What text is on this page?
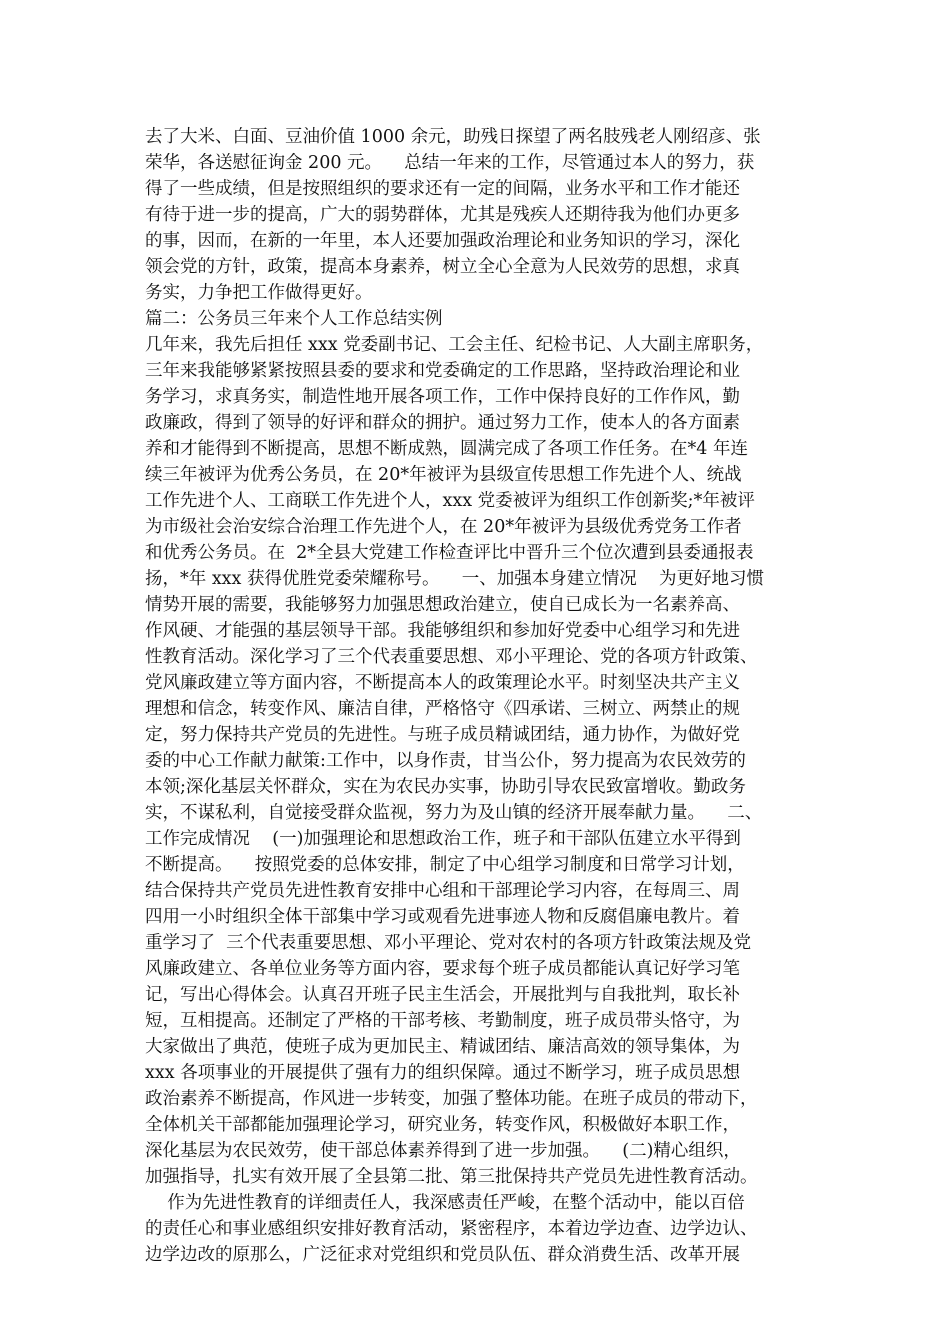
去了大米、白面、豆油价值 1000 余元，助残日探望了两名肢残老人刚绍彦、张
荣华，各送慰征询金 200 元。    总结一年来的工作，尽管通过本人的努力，获
得了一些成绩，但是按照组织的要求还有一定的间隔，业务水平和工作才能还
有待于进一步的提高，广大的弱势群体，尤其是残疾人还期待我为他们办更多
的事，因而，在新的一年里，本人还要加强政治理论和业务知识的学习，深化
领会党的方针，政策，提高本身素养，树立全心全意为人民效劳的思想，求真
务实，力争把工作做得更好。
篇二：公务员三年来个人工作总结实例
几年来，我先后担任 xxx 党委副书记、工会主任、纪检书记、人大副主席职务，
三年来我能够紧紧按照县委的要求和党委确定的工作思路，坚持政治理论和业
务学习，求真务实，制造性地开展各项工作，工作中保持良好的工作作风，勤
政廉政，得到了领导的好评和群众的拥护。通过努力工作，使本人的各方面素
养和才能得到不断提高，思想不断成熟，圆满完成了各项工作任务。在*4 年连
续三年被评为优秀公务员，在 20*年被评为县级宣传思想工作先进个人、统战
工作先进个人、工商联工作先进个人，xxx 党委被评为组织工作创新奖;*年被评
为市级社会治安综合治理工作先进个人，在 20*年被评为县级优秀党务工作者
和优秀公务员。在  2*全县大党建工作检查评比中晋升三个位次遭到县委通报表
扬，*年 xxx 获得优胜党委荣耀称号。    一、加强本身建立情况    为更好地习惯
情势开展的需要，我能够努力加强思想政治建立，使自已成长为一名素养高、
作风硬、才能强的基层领导干部。我能够组织和参加好党委中心组学习和先进
性教育活动。深化学习了三个代表重要思想、邓小平理论、党的各项方针政策、
党风廉政建立等方面内容，不断提高本人的政策理论水平。时刻坚决共产主义
理想和信念，转变作风、廉洁自律，严格恪守《四承诺、三树立、两禁止的规
定，努力保持共产党员的先进性。与班子成员精诚团结，通力协作，为做好党
委的中心工作献力献策:工作中，以身作责，甘当公仆，努力提高为农民效劳的
本领;深化基层关怀群众，实在为农民办实事，协助引导农民致富增收。勤政务
实，不谋私利，自觉接受群众监视，努力为及山镇的经济开展奉献力量。    二、
工作完成情况    (一)加强理论和思想政治工作，班子和干部队伍建立水平得到
不断提高。    按照党委的总体安排，制定了中心组学习制度和日常学习计划，
结合保持共产党员先进性教育安排中心组和干部理论学习内容，在每周三、周
四用一小时组织全体干部集中学习或观看先进事迹人物和反腐倡廉电教片。着
重学习了  三个代表重要思想、邓小平理论、党对农村的各项方针政策法规及党
风廉政建立、各单位业务等方面内容，要求每个班子成员都能认真记好学习笔
记，写出心得体会。认真召开班子民主生活会，开展批判与自我批判，取长补
短，互相提高。还制定了严格的干部考核、考勤制度，班子成员带头恪守，为
大家做出了典范，使班子成为更加民主、精诚团结、廉洁高效的领导集体，为
xxx 各项事业的开展提供了强有力的组织保障。通过不断学习，班子成员思想
政治素养不断提高，作风进一步转变，加强了整体功能。在班子成员的带动下，
全体机关干部都能加强理论学习，研究业务，转变作风，积极做好本职工作，
深化基层为农民效劳，使干部总体素养得到了进一步加强。    (二)精心组织，
加强指导，扎实有效开展了全县第二批、第三批保持共产党员先进性教育活动。
作为先进性教育的详细责任人，我深感责任严峻，在整个活动中，能以百倍
的责任心和事业感组织安排好教育活动，紧密程序，本着边学边查、边学边认、
边学边改的原那么，广泛征求对党组织和党员队伍、群众消费生活、改革开展
